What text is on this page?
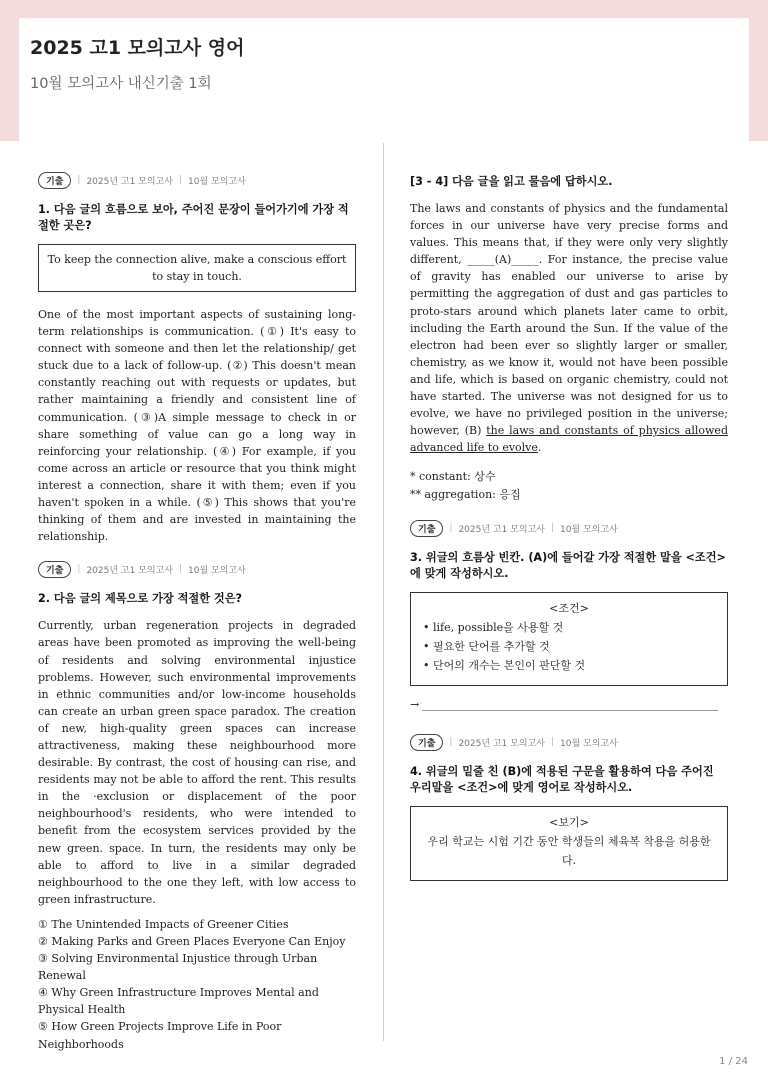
2025 고1 모의고사 영어
10월 모의고사 내신기출 1회
기출	| 2025년 고1 모의고사 | 10월 모의고사
1. 다음 글의 흐름으로 보아, 주어진 문장이 들어가기에 가장 적절한 곳은?
To keep the connection alive, make a conscious effort to stay in touch.

One of the most important aspects of sustaining long-term relationships is communication. (①) It's easy to connect with someone and then let the relationship/ get stuck due to a lack of follow-up. (②) This doesn't mean constantly reaching out with requests or updates, but rather maintaining a friendly and consistent line of communication. (③)A simple message to check in or share something of value can go a long way in reinforcing your relationship. (④) For example, if you come across an article or resource that you think might interest a connection, share it with them; even if you haven't spoken in a while. (⑤) This shows that you're thinking of them and are invested in maintaining the relationship.

기출	| 2025년 고1 모의고사 | 10월 모의고사
2. 다음 글의 제목으로 가장 적절한 것은?

Currently, urban regeneration projects in degraded areas have been promoted as improving the well-being of residents and solving environmental injustice problems. However, such environmental improvements in ethnic communities and/or low-income households can create an urban green space paradox. The creation of new, high-quality green spaces can increase attractiveness, making these neighbourhood more desirable. By contrast, the cost of housing can rise, and residents may not be able to afford the rent. This results in the ·exclusion or displacement of the poor neighbourhood's residents, who were intended to benefit from the ecosystem services provided by the new green. space. In turn, the residents may only be able to afford to live in a similar degraded neighbourhood to the one they left, with low access to green infrastructure.

① The Unintended Impacts of Greener Cities
② Making Parks and Green Places Everyone Can Enjoy
③ Solving Environmental Injustice through Urban Renewal
④ Why Green Infrastructure Improves Mental and Physical Health
⑤ How Green Projects Improve Life in Poor Neighborhoods
[3 - 4] 다음 글을 읽고 물음에 답하시오.

The laws and constants of physics and the fundamental forces in our universe have very precise forms and values. This means that, if they were only very slightly different, _____(A)_____. For instance, the precise value of gravity has enabled our universe to arise by permitting the aggregation of dust and gas particles to proto-stars around which planets later came to orbit, including the Earth around the Sun. If the value of the electron had been ever so slightly larger or smaller, chemistry, as we know it, would not have been possible and life, which is based on organic chemistry, could not have started. The universe was not designed for us to evolve, we have no privileged position in the universe; however, (B) the laws and constants of physics allowed advanced life to evolve.

* constant: 상수
** aggregation: 응집
기출	| 2025년 고1 모의고사 | 10월 모의고사
3. 위글의 흐름상 빈칸. (A)에 들어갈 가장 적절한 말을 <조건>에 맞게 작성하시오.
<조건>
• life, possible을 사용할 것
• 필요한 단어를 추가할 것
• 단어의 개수는 본인이 판단할 것
→
기출	| 2025년 고1 모의고사 | 10월 모의고사
4. 위글의 밑줄 친 (B)에 적용된 구문을 활용하여 다음 주어진 우리말을 <조건>에 맞게 영어로 작성하시오.
<보기>
우리 학교는 시험 기간 동안 학생들의 체육복 착용을 허용한다.
1 / 24
